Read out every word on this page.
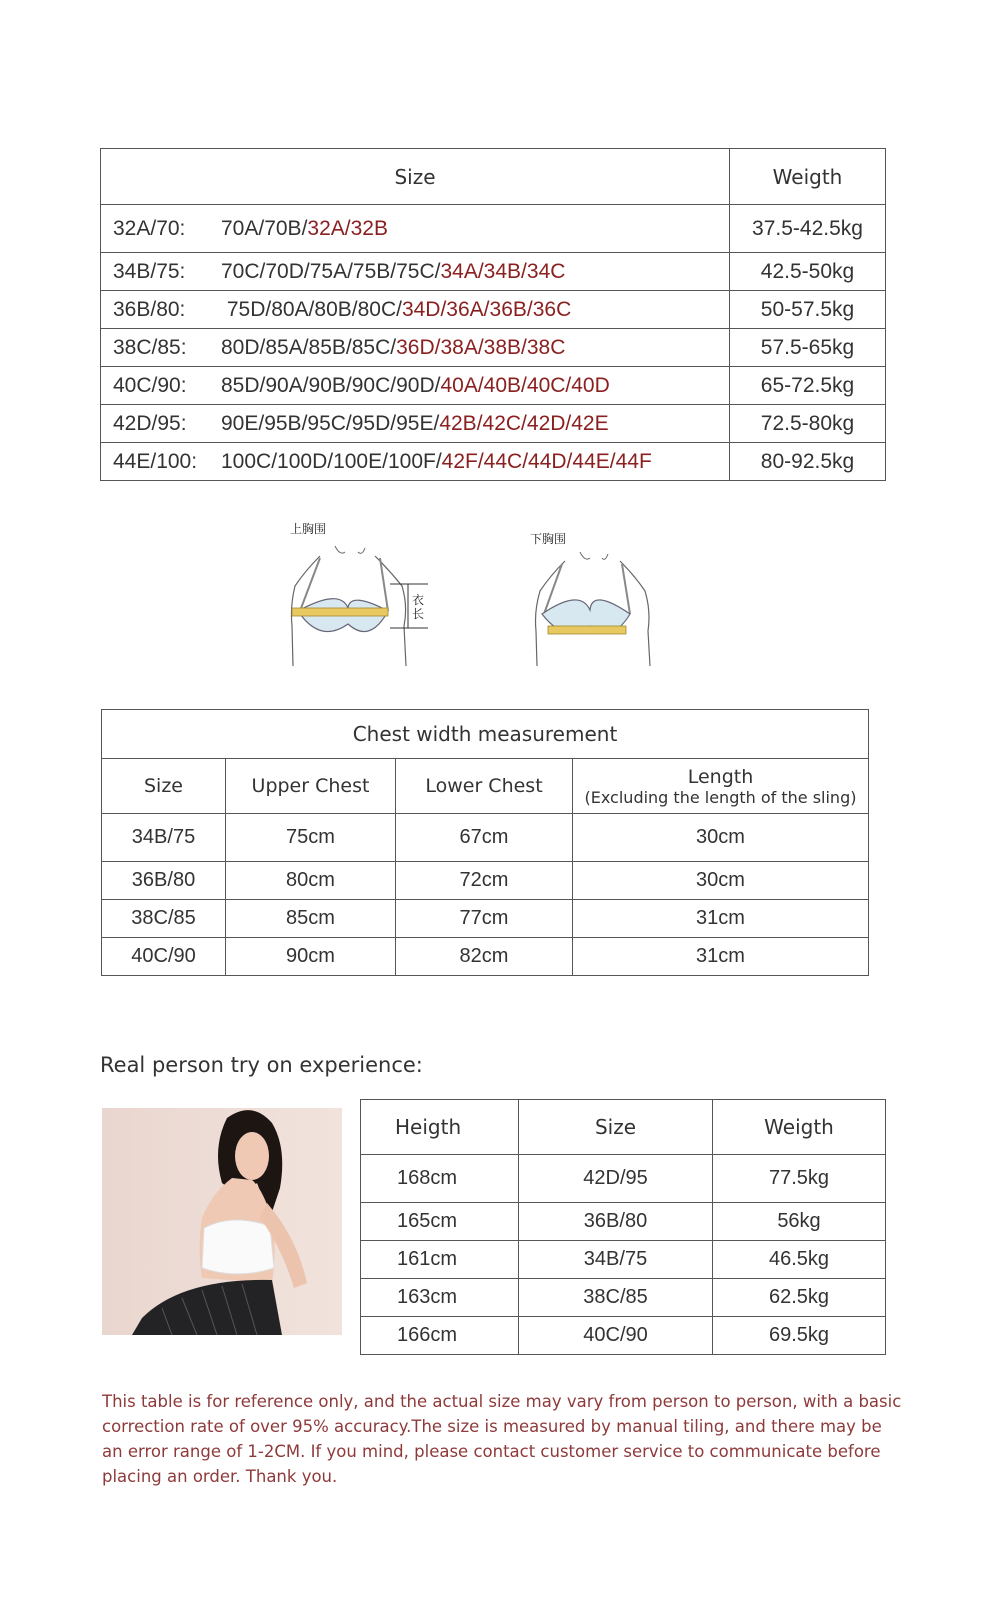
Size	Weigth
32A/70: 70A/70B/32A/32B	37.5-42.5kg
34B/75: 70C/70D/75A/75B/75C/34A/34B/34C	42.5-50kg
36B/80: 75D/80A/80B/80C/34D/36A/36B/36C	50-57.5kg
38C/85: 80D/85A/85B/85C/36D/38A/38B/38C	57.5-65kg
40C/90: 85D/90A/90B/90C/90D/40A/40B/40C/40D	65-72.5kg
42D/95: 90E/95B/95C/95D/95E/42B/42C/42D/42E	72.5-80kg
44E/100: 100C/100D/100E/100F/42F/44C/44D/44E/44F	80-92.5kg
上胸围
衣
长
下胸围
Chest width measurement			
Size	Upper Chest	Lower Chest	Length
(Excluding the length of the sling)

34B/75	75cm	67cm	30cm
36B/80	80cm	72cm	30cm
38C/85	85cm	77cm	31cm
40C/90	90cm	82cm	31cm
Real person try on experience:
Heigth	Size	Weigth
168cm	42D/95	77.5kg
165cm	36B/80	56kg
161cm	34B/75	46.5kg
163cm	38C/85	62.5kg
166cm	40C/90	69.5kg
This table is for reference only, and the actual size may vary from person to person, with a basic correction rate of over 95% accuracy.The size is measured by manual tiling, and there may be an error range of 1-2CM. If you mind, please contact customer service to communicate before placing an order. Thank you.
